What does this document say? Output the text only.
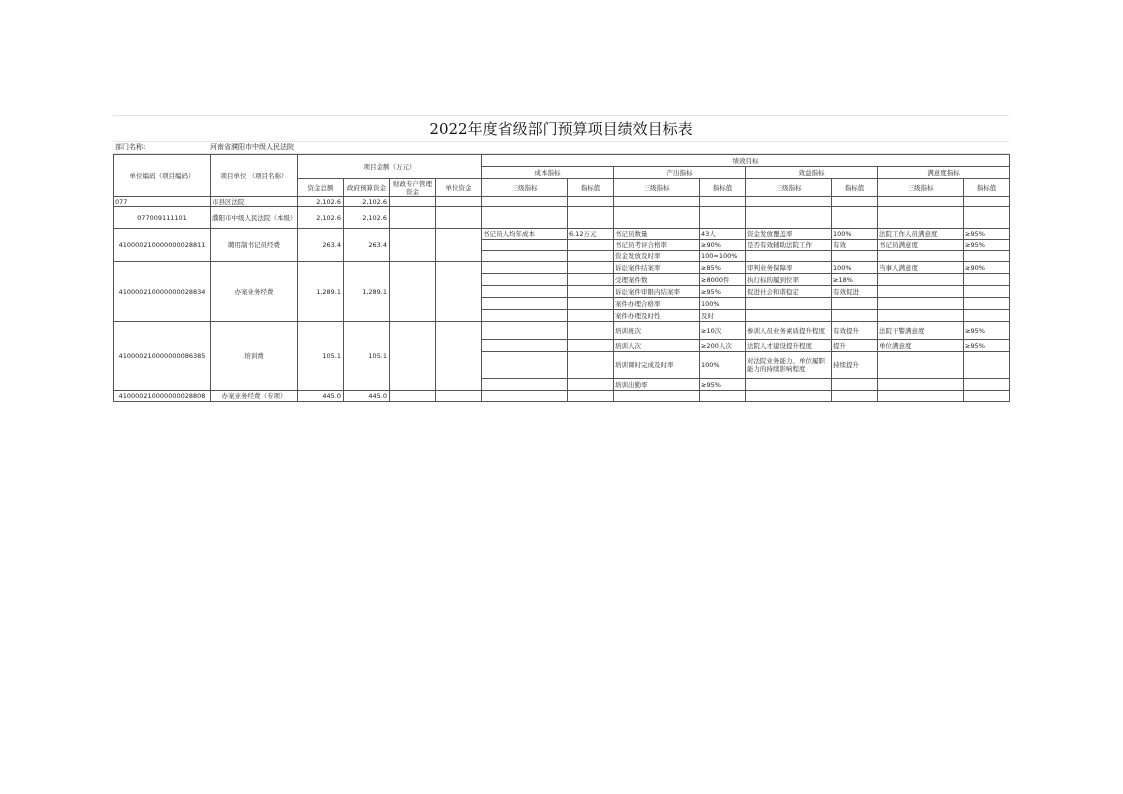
2022年度省级部门预算项目绩效目标表
部门名称:	河南省濮阳市中级人民法院
单位编码（项目编码）	项目单位 （项目名称）	项目金额（万元）				绩效目标							
						成本指标		产出指标		效益指标		满意度指标	
		资金总额	政府预算资金	财政专户管理资金	单位资金	三级指标	指标值	三级指标	指标值	三级指标	指标值	三级指标	指标值
077	市县区法院	2,102.6	2,102.6										
077009111101	濮阳市中级人民法院（本级）	2,102.6	2,102.6										
410000210000000028811	聘用制书记员经费	263.4	263.4			书记员人均年成本	6.12万元	书记员数量	43人	资金发放覆盖率	100%	法院工作人员满意度	≥95%
								书记员考评合格率	≥90%	是否有效辅助法院工作	有效	书记员满意度	≥95%
								资金发放及时率	100=100%				
410000210000000028834	办案业务经费	1,289.1	1,289.1					诉讼案件结案率	≥85%	审判业务保障率	100%	当事人满意度	≥90%
								受理案件数	≥8000件	执行标的履到位率	≥18%		
								诉讼案件审限内结案率	≥95%	促进社会和谐稳定	有效促进		
								案件办理合格率	100%				
								案件办理及时性	及时				
410000210000000086385	培训费	105.1	105.1					培训班次	≥10次	参训人员业务素质提升程度	有效提升	法院干警满意度	≥95%
								培训人次	≥200人次	法院人才建设提升程度	提升	单位满意度	≥95%
								培训课时完成及时率	100%	对法院业务能力、单位履职能力的持续影响程度	持续提升		
								培训出勤率	≥95%				
410000210000000028808	办案业务经费（专项）	445.0	445.0										
